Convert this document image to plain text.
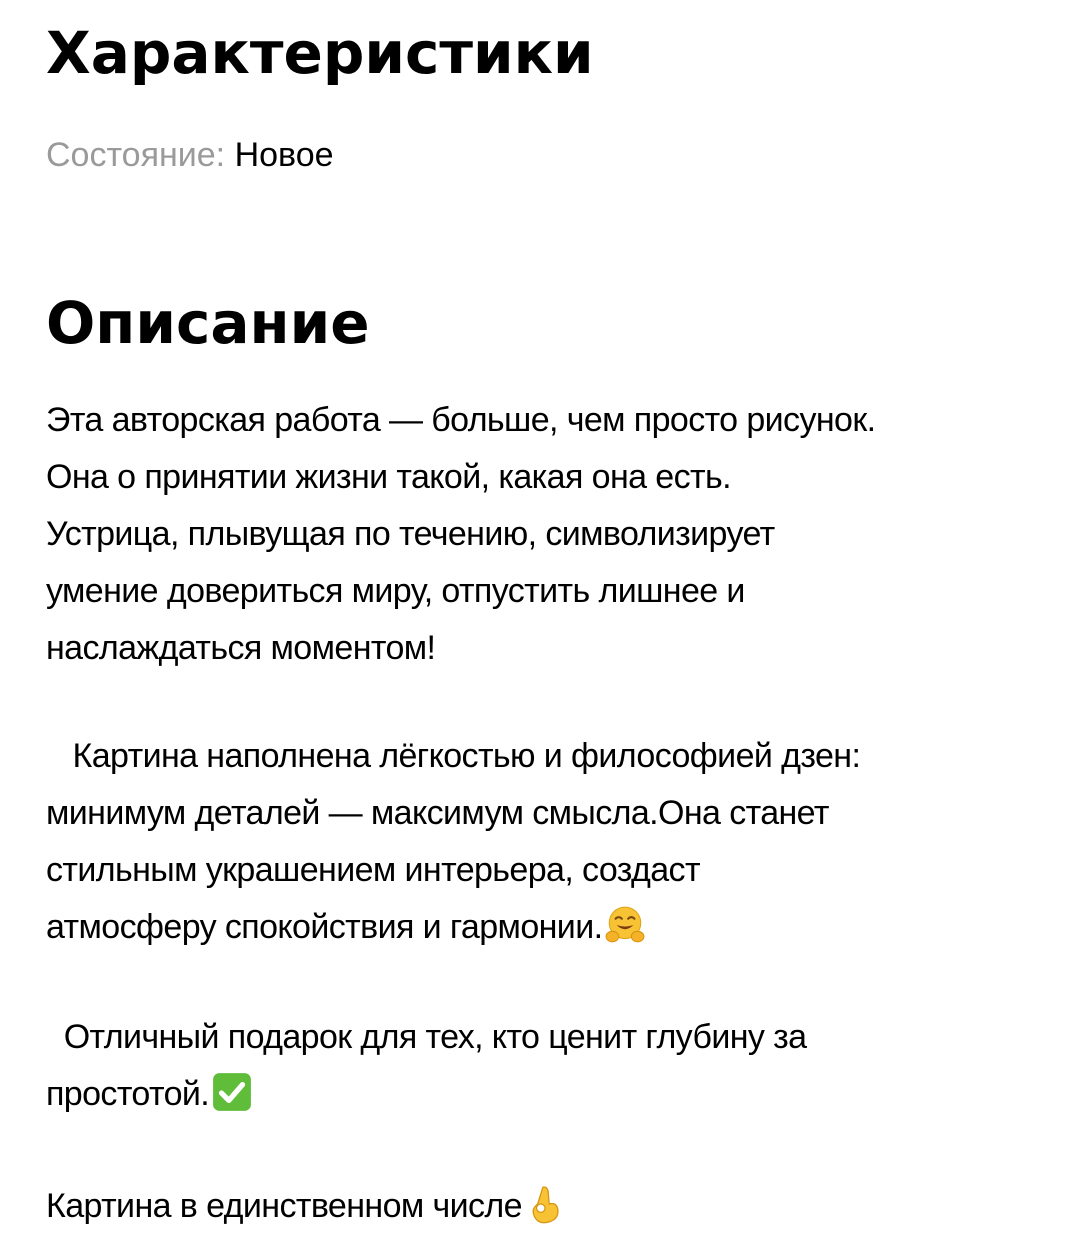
Характеристики
Состояние: Новое
Описание
Эта авторская работа — больше, чем просто рисунок.
Она о принятии жизни такой, какая она есть.
Устрица, плывущая по течению, символизирует
умение довериться миру, отпустить лишнее и
наслаждаться моментом!
Картина наполнена лёгкостью и философией дзен:
минимум деталей — максимум смысла.Она станет
стильным украшением интерьера, создаст
атмосферу спокойствия и гармонии.
Отличный подарок для тех, кто ценит глубину за
простотой.
Картина в единственном числе
